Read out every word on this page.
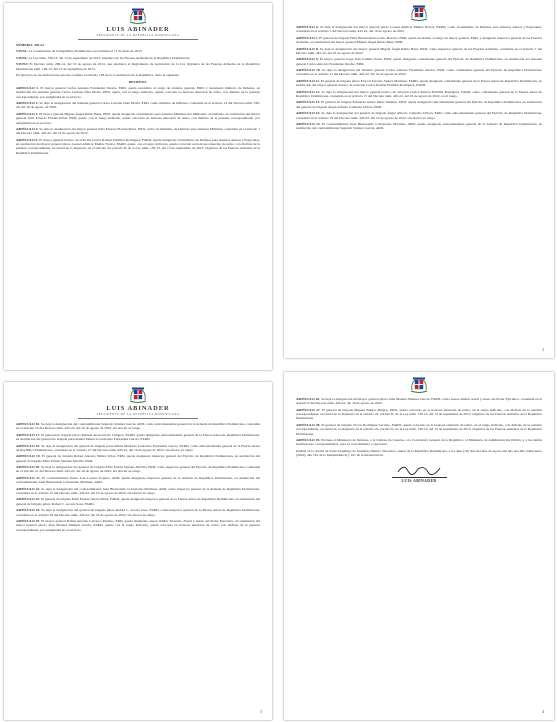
LUIS ABINADER
PRESIDENTE DE LA REPÚBLICA DOMINICANA

NÚMERO: 445-22

VISTA: La Constitución de la República Dominicana, proclamada el 13 de junio de 2015.

VISTA: La Ley núm. 139-13, del 13 de septiembre de 2013, Orgánica de las Fuerzas Armadas de la República Dominicana.

VISTO: El Decreto núm. 299-14, del 19 de agosto de 2014, que establece el Reglamento de Aplicación de la Ley Orgánica de las Fuerzas Armadas de la República Dominicana núm. 139-13, del 13 de septiembre de 2013.

En ejercicio de las atribuciones que me confiere el artículo 128 de la Constitución de la República, dicto el siguiente

DECRETO:

ARTÍCULO 1. El mayor general Carlos Antonio Fernández Onofre, ERD, queda ascendido al rango de teniente general, ERD, y designado ministro de Defensa, en sustitución del teniente general Carlos Luciano Díaz Morfa, ERD, quien, con el rango indicado, queda colocado en honrosa situación de retiro, con disfrute de la pensión correspondiente, por antigüedad en el servicio.

ARTÍCULO 2. Se deja la designación del teniente general Carlos Luciano Díaz Morfa, ERD, como ministro de Defensa, contenida en el artículo 14 del Decreto núm. 336-20, del 16 de agosto de 2020.

ARTÍCULO 3. El mayor general Miguel Ángel Rubio Báez, ERD, queda designado viceministro para Asuntos Militares del Ministerio de Defensa, en sustitución del mayor general Julio Ernesto Florián Pérez, ERD, quien, con el rango indicado, queda colocado en honrosa situación de retiro, con disfrute de la pensión correspondiente, por antigüedad en el servicio.

ARTÍCULO 4. Se deja la designación del mayor general Julio Ernesto Florián Pérez, ERD, como viceministro de Defensa para Asuntos Militares, contenida en el artículo 1 del Decreto núm. 445-22, del 16 de agosto de 2022.

ARTÍCULO 5. El mayor general técnico de aviación Carlos Ramón Febrillet Rodríguez, FARD, queda designado viceministro de Defensa para Asuntos Aéreos y Espaciales, en sustitución del mayor general piloto Leonel Amilcar Muñoz Noboa, FARD, quien, con el rango indicado, queda colocado en honrosa situación de retiro, con disfrute de la pensión correspondiente, en virtud de lo dispuesto en el artículo 24, párrafo II, de la Ley núm. 139-13, del 13 de septiembre de 2013, Orgánica de las Fuerzas Armadas de la República Dominicana.

ARTÍCULO 6. Se deja la designación del mayor general piloto Leonel Amilcar Muñoz Noboa, FARD, como viceministro de Defensa para Asuntos Aéreos y Espaciales, contenida en el artículo 5 del Decreto núm. 445-22, del 16 de agosto de 2022.

ARTÍCULO 7. El general de brigada Félix Buenaventura Cabo Rosario, ERD, queda ascendido al rango de mayor general, ERD, y designado inspector general de las Fuerzas Armadas, en sustitución del mayor general Miguel Ángel Rubio Báez, ERD.

ARTÍCULO 8. Se deja la designación del mayor general Miguel Ángel Rubio Báez, ERD, como inspector general de las Fuerzas Armadas, contenida en el artículo 7 del Decreto núm. 445-22, del 16 de agosto de 2022.

ARTÍCULO 9. El mayor general Jorge Iván Camino Pérez, ERD, queda designado comandante general del Ejército de República Dominicana, en sustitución del teniente general Carlos Antonio Fernández Onofre, ERD.

ARTÍCULO 10. Se deja la designación del teniente general Carlos Antonio Fernández Onofre, ERD, como comandante general del Ejército de República Dominicana, contenida en el artículo 11 del Decreto núm. 445-22, del 16 de agosto de 2022.

ARTÍCULO 11. El general de brigada piloto Fiorcat Tarcisio Suárez Martínez, FARD, queda designado comandante general de la Fuerza Aérea de República Dominicana, en sustitución del mayor general técnico de aviación Carlos Ramón Febrillet Rodríguez, FARD.

ARTÍCULO 12. Se deja la designación del mayor general técnico de aviación Carlos Ramón Febrillet Rodríguez, FARD, como comandante general de la Fuerza Aérea de República Dominicana, contenida en el artículo 15 del Decreto núm. 445-22, del 16 de agosto de 2022, en el rango.

ARTÍCULO 13. El general de brigada Fernando Arturo Pérez Jiménez, ERD, queda designado subcomandante general del Ejército de República Dominicana, en sustitución del general de brigada Ángel Alfredo Camacho Ubiera, ERD.

ARTÍCULO 14. Se deja la designación del general de brigada Ángel Alfredo Camacho Ubiera, ERD, como subcomandante general del Ejército de República Dominicana, contenida en el artículo 19 del Decreto núm. 445-22, del 16 de agosto de 2022, sin afectar su rango.

ARTÍCULO 15. El contraalmirante Juan Bienvenido Crisóstomo Martínez, ARD, queda designado subcomandante general de la Armada de República Dominicana, en sustitución del contraalmirante Segundo Ventura García, ARD.

2
LUIS ABINADER
PRESIDENTE DE LA REPÚBLICA DOMINICANA

ARTÍCULO 16. Se deja la designación del contraalmirante Segundo Ventura García, ARD, como subcomandante general de la Armada de República Dominicana, contenida en el artículo 23 del Decreto núm. 445-22, del 16 de agosto de 2022, sin afectar su rango.

ARTÍCULO 17. El general de brigada piloto Manuel Abad García Lithgow, FARD, queda designado subcomandante general de la Fuerza Aérea de República Dominicana, en sustitución del general de brigada paracaidista Mauricio Ludovino Fernández García, FARD.

ARTÍCULO 18. Se deja la designación del general de brigada paracaidista Mauricio Ludovino Fernández García, FARD, como subcomandante general de la Fuerza Aérea de República Dominicana, contenida en el artículo 27 del Decreto núm. 445-22, del 16 de agosto de 2022, sin afectar su rango.

ARTÍCULO 19. El general de brigada Rafael Antonio Núñez Veloz, ERD, queda designado inspector general del Ejército de República Dominicana, en sustitución del general de brigada Félix Edwin Santana Morillo, ERD.

ARTÍCULO 20. Se deja la designación del general de brigada Félix Edwin Santana Morillo, ERD, como inspector general del Ejército de República Dominicana, contenida en el artículo 21 del Decreto núm. 445-22, del 16 de agosto de 2022, sin afectar su rango.

ARTÍCULO 21. El contraalmirante Pedro José Lozano Pogueo, ARD, queda designado inspector general de la Armada de República Dominicana, en sustitución del contraalmirante Juan Bienvenido Crisóstomo Martínez, ARD.

ARTÍCULO 22. Se deja la designación del contraalmirante Juan Bienvenido Crisóstomo Martínez, ARD, como inspector general de la Armada de República Dominicana, contenida en el artículo 25 del Decreto núm. 445-22, del 16 de agosto de 2022, sin afectar su rango.

ARTÍCULO 23. El general de brigada Emir Ernesto Sierra Pérez, FARD, queda designado inspector general de la Fuerza Aérea de República Dominicana, en sustitución del general de brigada piloto Rafael C. Acosta Sosa, FARD.

ARTÍCULO 24. Se deja la designación del general de brigada piloto Rafael C. Acosta Sosa, FARD, como inspector general de la Fuerza Aérea de República Dominicana, contenida en el artículo 29 del Decreto núm. 445-22, del 16 de agosto de 2022, sin afectar su rango.

ARTÍCULO 25. El mayor general Rafael Antonio Carrasco Paulino, ERD, queda designado asesor militar Terrestre, Naval y Aéreo del Poder Ejecutivo, en sustitución del mayor general piloto Juan Manuel Jiménez García, FARD, quien, con el rango indicado, queda colocado en honrosa situación de retiro, con disfrute de la pensión correspondiente, por antigüedad en el servicio.

3

ARTÍCULO 26. Se deja la designación del mayor general piloto Juan Manuel Jiménez García, FARD, como asesor militar, naval y aéreo del Poder Ejecutivo, contenida en el artículo 9 del Decreto núm. 445-22, del 16 de agosto de 2022.

ARTÍCULO 27. El general de brigada Manuel Burgos Burgos, ERD, queda colocado en la honrosa situación de retiro, en el rango indicado, con disfrute de la pensión correspondiente, en virtud de lo dispuesto en el artículo 22, párrafo II, de la Ley núm. 139-13, del 13 de septiembre de 2013, Orgánica de las Fuerzas Armadas de la República Dominicana.

ARTÍCULO 28. El general de brigada Víctor Rodríguez Luciano, FARD, queda colocado en la honrosa situación de retiro, en el rango indicado, con disfrute de la pensión correspondiente, en virtud de lo dispuesto en el artículo 22, párrafo II, de la Ley núm. 139-13, del 13 de septiembre de 2013, Orgánica de las Fuerzas Armadas de la República Dominicana.

ARTÍCULO 29. Envíese al Ministerio de Defensa, a la Cámara de Cuentas, a la Contraloría General de la República, al Ministerio de Administración Pública y a las demás instituciones correspondientes, para su conocimiento y ejecución.

DADO en la ciudad de Santo Domingo de Guzmán, Distrito Nacional, capital de la República Dominicana, a los diez (10) días del mes de agosto del año dos mil veinticuatro (2024), año 181 de la Independencia y 161 de la Restauración.

LUIS ABINADER
4
